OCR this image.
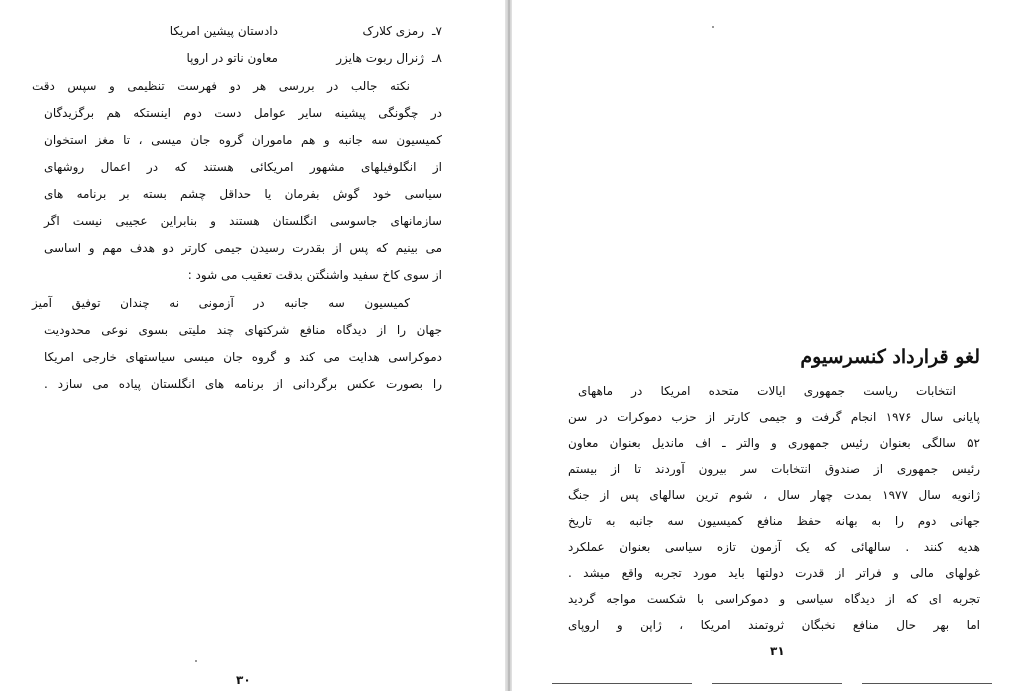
۷ـ
رمزی کلارک
دادستان پیشین امریکا
۸ـ
ژنرال ربوت هایزر
معاون ناتو در اروپا
نکته جالب در بررسی هر دو فهرست تنظیمی و سپس دقت
در چگونگی پیشینه سایر عوامل دست دوم اینستکه هم برگزیدگان
کمیسیون سه جانبه و هم ماموران گروه جان میسی ، تا مغز استخوان
از انگلوفیلهای مشهور امریکائی هستند که در اعمال روشهای
سیاسی خود گوش بفرمان یا حداقل چشم بسته بر برنامه های
سازمانهای جاسوسی انگلستان هستند و بنابراین عجیبی نیست اگر
می بینیم که پس از بقدرت رسیدن جیمی کارتر دو هدف مهم و اساسی
از سوی کاخ سفید واشنگتن بدقت تعقیب می شود :
کمیسیون سه جانبه در آزمونی نه چندان توفیق آمیز
جهان را از دیدگاه منافع شرکتهای چند ملیتی بسوی نوعی محدودیت
دموکراسی هدایت می کند و گروه جان میسی سیاستهای خارجی امریکا
را بصورت عکس برگردانی از برنامه های انگلستان پیاده می سازد .
۳۰
لغو قرارداد کنسرسیوم
انتخابات ریاست جمهوری ایالات متحده امریکا در ماههای
پایانی سال ۱۹۷۶ انجام گرفت و جیمی کارتر از حزب دموکرات در سن
۵۲ سالگی بعنوان رئیس جمهوری و والتر ـ اف ماندیل بعنوان معاون
رئیس جمهوری از صندوق انتخابات سر بیرون آوردند تا از بیستم
ژانویه سال ۱۹۷۷ بمدت چهار سال ، شوم ترین سالهای پس از جنگ
جهانی دوم را به بهانه حفظ منافع کمیسیون سه جانبه به تاریخ
هدیه کنند . سالهائی که یک آزمون تازه سیاسی بعنوان عملکرد
غولهای مالی و فراتر از قدرت دولتها باید مورد تجربه واقع میشد .
تجربه ای که از دیدگاه سیاسی و دموکراسی با شکست مواجه گردید
اما بهر حال منافع نخبگان ثروتمند امریکا ، ژاپن و اروپای
۳۱
